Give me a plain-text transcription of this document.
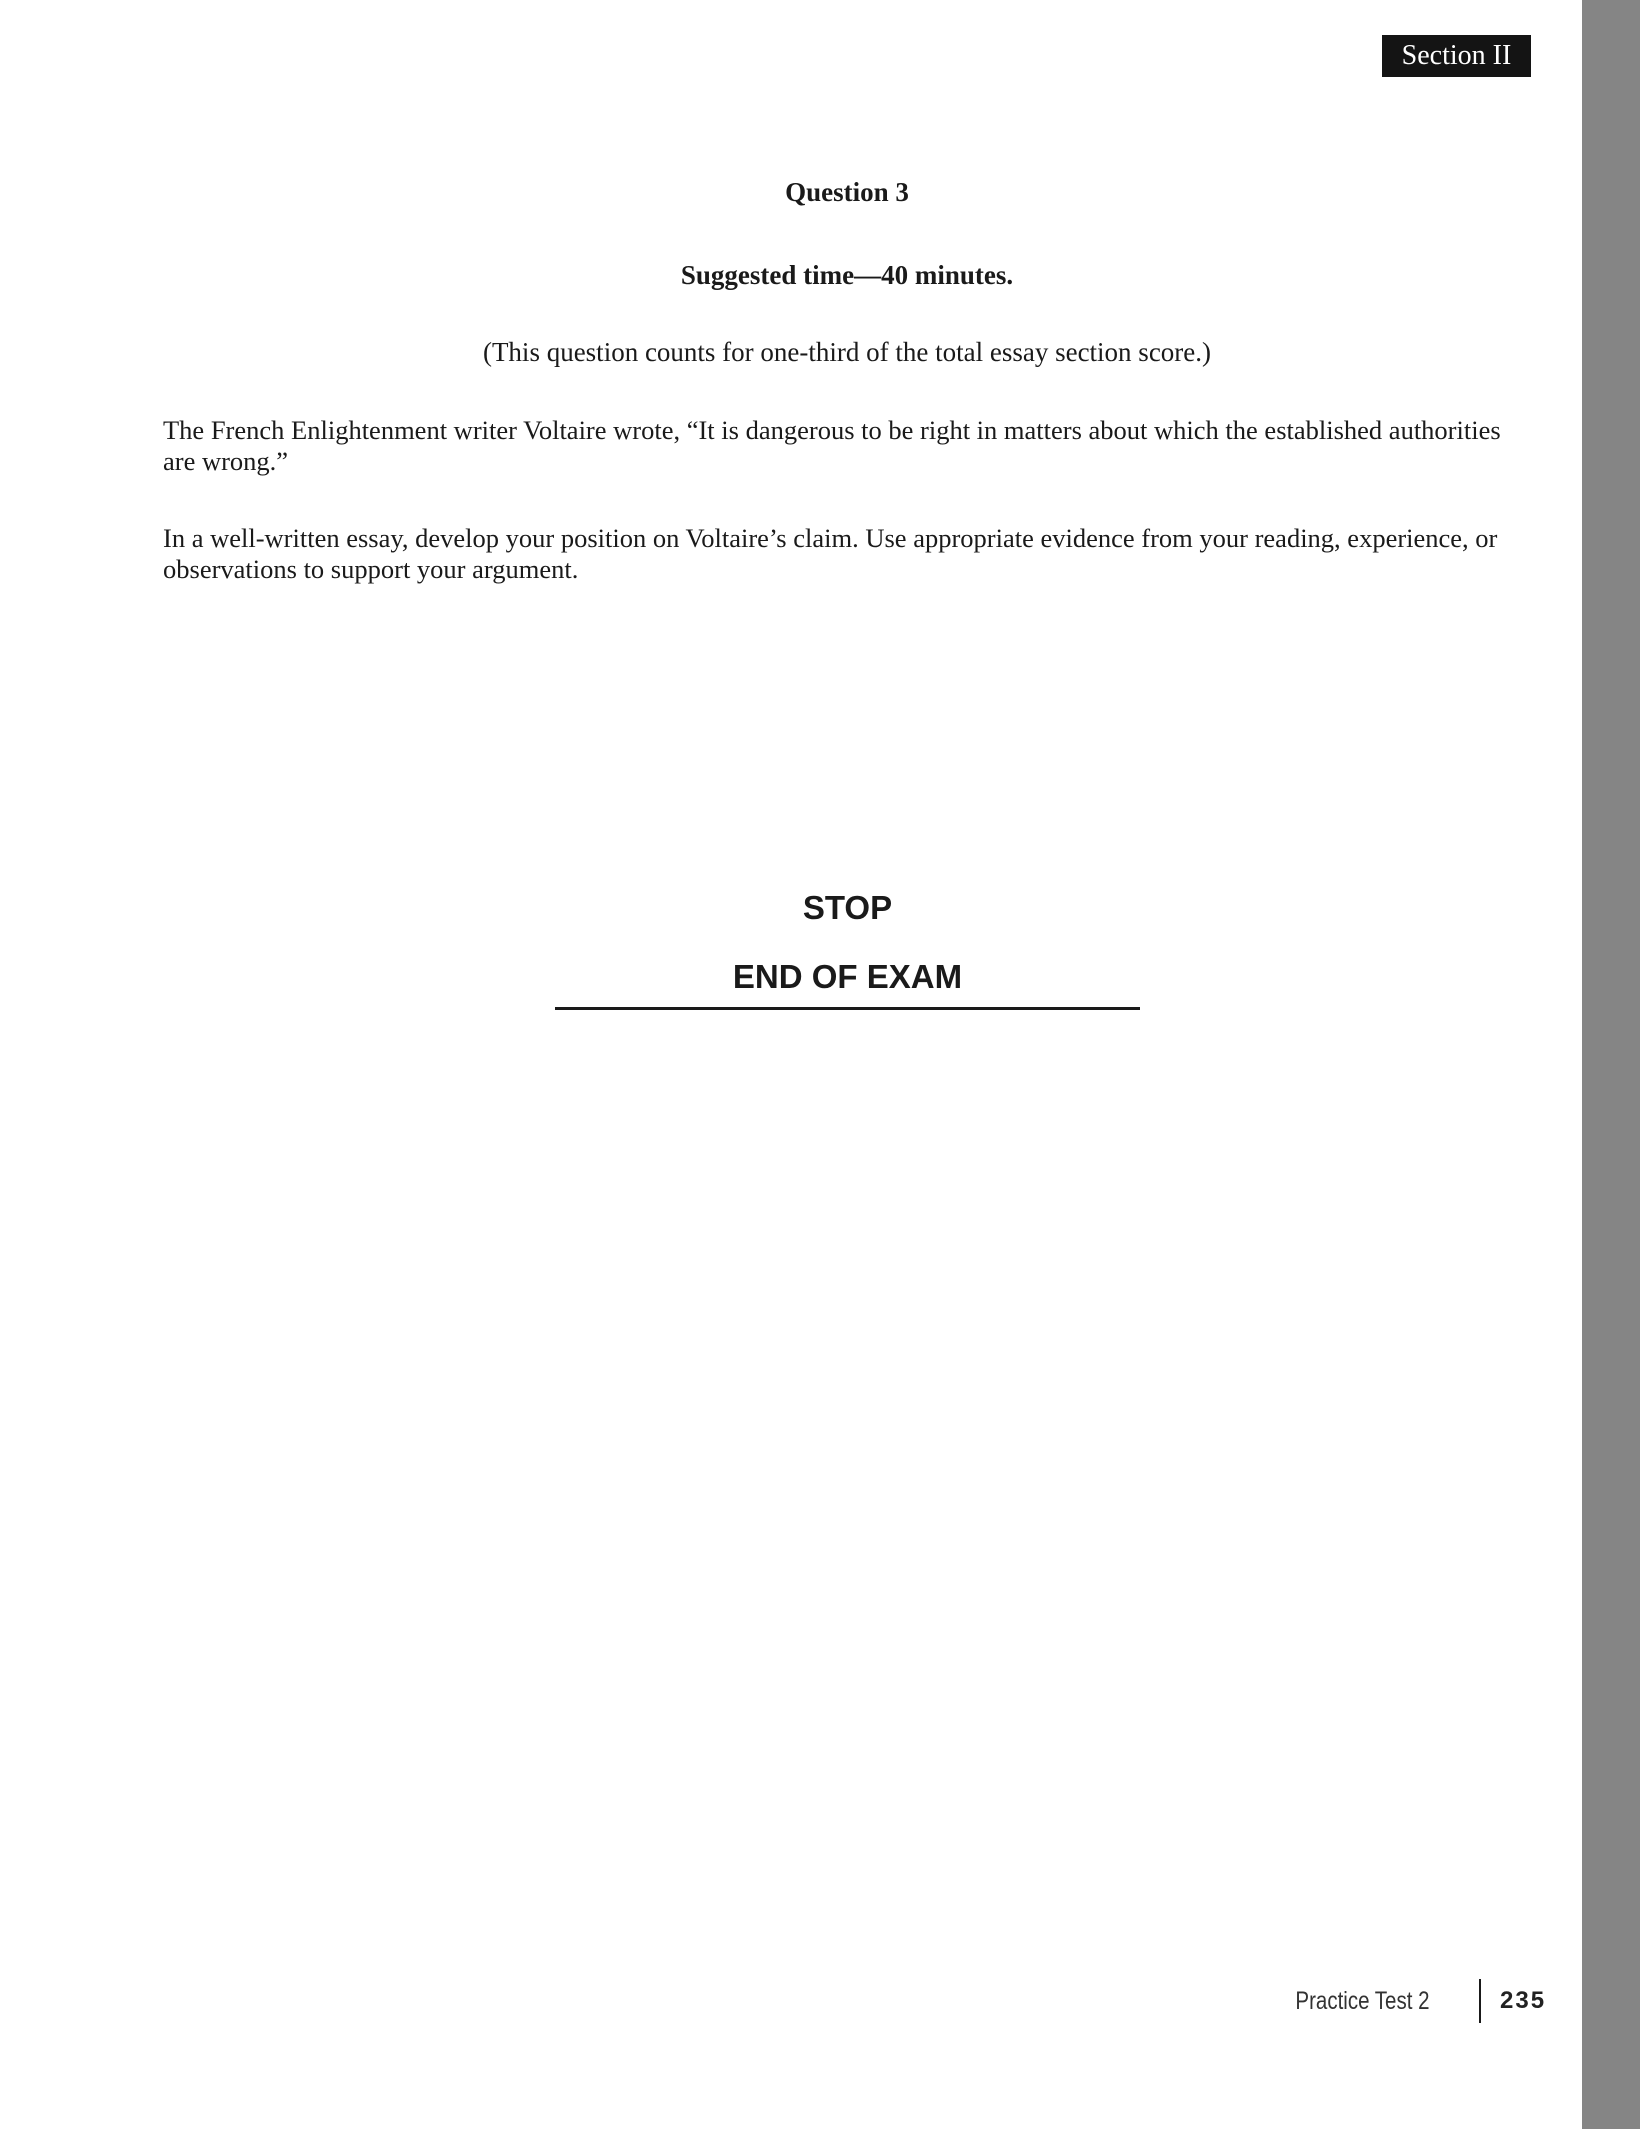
Section II
Question 3

Suggested time—40 minutes.

(This question counts for one-third of the total essay section score.)

The French Enlightenment writer Voltaire wrote, “It is dangerous to be right in matters about which the established authorities are wrong.”

In a well-written essay, develop your position on Voltaire’s claim. Use appropriate evidence from your reading, experience, or observations to support your argument.

STOP

END OF EXAM

Practice Test 2	235
